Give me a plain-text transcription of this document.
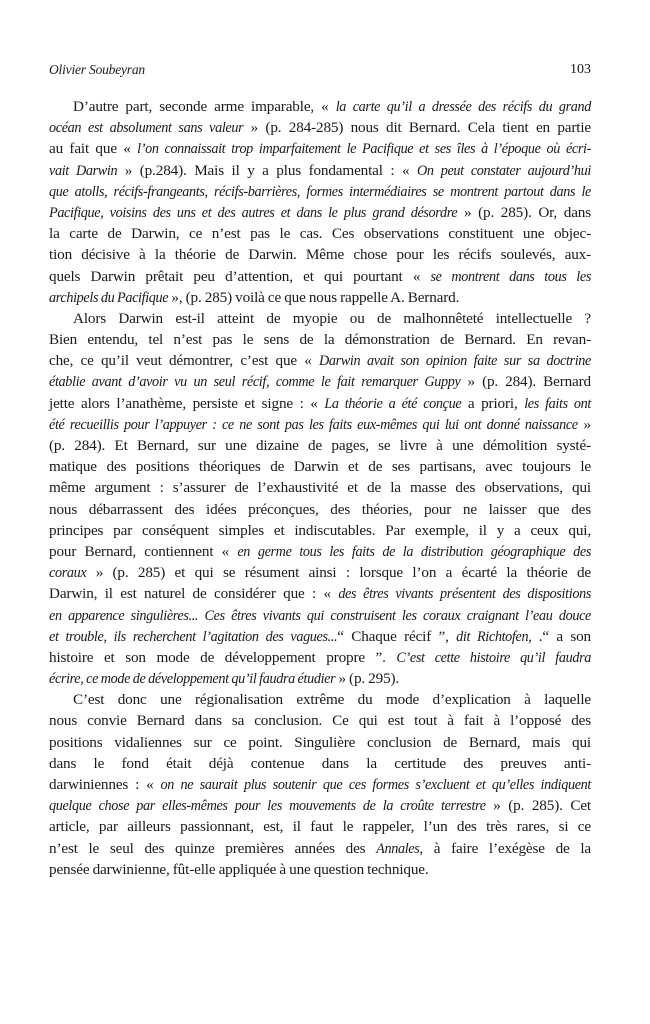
Olivier Soubeyran	103
D’autre part, seconde arme imparable, « la carte qu’il a dressée des récifs du grand
océan est absolument sans valeur » (p. 284-285) nous dit Bernard. Cela tient en partie
au fait que « l’on connaissait trop imparfaitement le Pacifique et ses îles à l’époque où écri-
vait Darwin » (p.284). Mais il y a plus fondamental : « On peut constater aujourd’hui
que atolls, récifs-frangeants, récifs-barrières, formes intermédiaires se montrent partout dans le
Pacifique, voisins des uns et des autres et dans le plus grand désordre » (p. 285). Or, dans
la carte de Darwin, ce n’est pas le cas. Ces observations constituent une objec-
tion décisive à la théorie de Darwin. Même chose pour les récifs soulevés, aux-
quels Darwin prêtait peu d’attention, et qui pourtant « se montrent dans tous les
archipels du Pacifique », (p. 285) voilà ce que nous rappelle A. Bernard.
Alors Darwin est-il atteint de myopie ou de malhonnêteté intellectuelle ?
Bien entendu, tel n’est pas le sens de la démonstration de Bernard. En revan-
che, ce qu’il veut démontrer, c’est que « Darwin avait son opinion faite sur sa doctrine
établie avant d’avoir vu un seul récif, comme le fait remarquer Guppy » (p. 284). Bernard
jette alors l’anathème, persiste et signe : « La théorie a été conçue a priori, les faits ont
été recueillis pour l’appuyer : ce ne sont pas les faits eux-mêmes qui lui ont donné naissance »
(p. 284). Et Bernard, sur une dizaine de pages, se livre à une démolition systé-
matique des positions théoriques de Darwin et de ses partisans, avec toujours le
même argument : s’assurer de l’exhaustivité et de la masse des observations, qui
nous débarrassent des idées préconçues, des théories, pour ne laisser que des
principes par conséquent simples et indiscutables. Par exemple, il y a ceux qui,
pour Bernard, contiennent « en germe tous les faits de la distribution géographique des
coraux » (p. 285) et qui se résument ainsi : lorsque l’on a écarté la théorie de
Darwin, il est naturel de considérer que : « des êtres vivants présentent des dispositions
en apparence singulières... Ces êtres vivants qui construisent les coraux craignant l’eau douce
et trouble, ils recherchent l’agitation des vagues...“ Chaque récif ”, dit Richtofen, .“ a son
histoire et son mode de développement propre ”. C’est cette histoire qu’il faudra
écrire, ce mode de développement qu’il faudra étudier » (p. 295).
C’est donc une régionalisation extrême du mode d’explication à laquelle
nous convie Bernard dans sa conclusion. Ce qui est tout à fait à l’opposé des
positions vidaliennes sur ce point. Singulière conclusion de Bernard, mais qui
dans le fond était déjà contenue dans la certitude des preuves anti-
darwiniennes : « on ne saurait plus soutenir que ces formes s’excluent et qu’elles indiquent
quelque chose par elles-mêmes pour les mouvements de la croûte terrestre » (p. 285). Cet
article, par ailleurs passionnant, est, il faut le rappeler, l’un des très rares, si ce
n’est le seul des quinze premières années des Annales, à faire l’exégèse de la
pensée darwinienne, fût-elle appliquée à une question technique.
